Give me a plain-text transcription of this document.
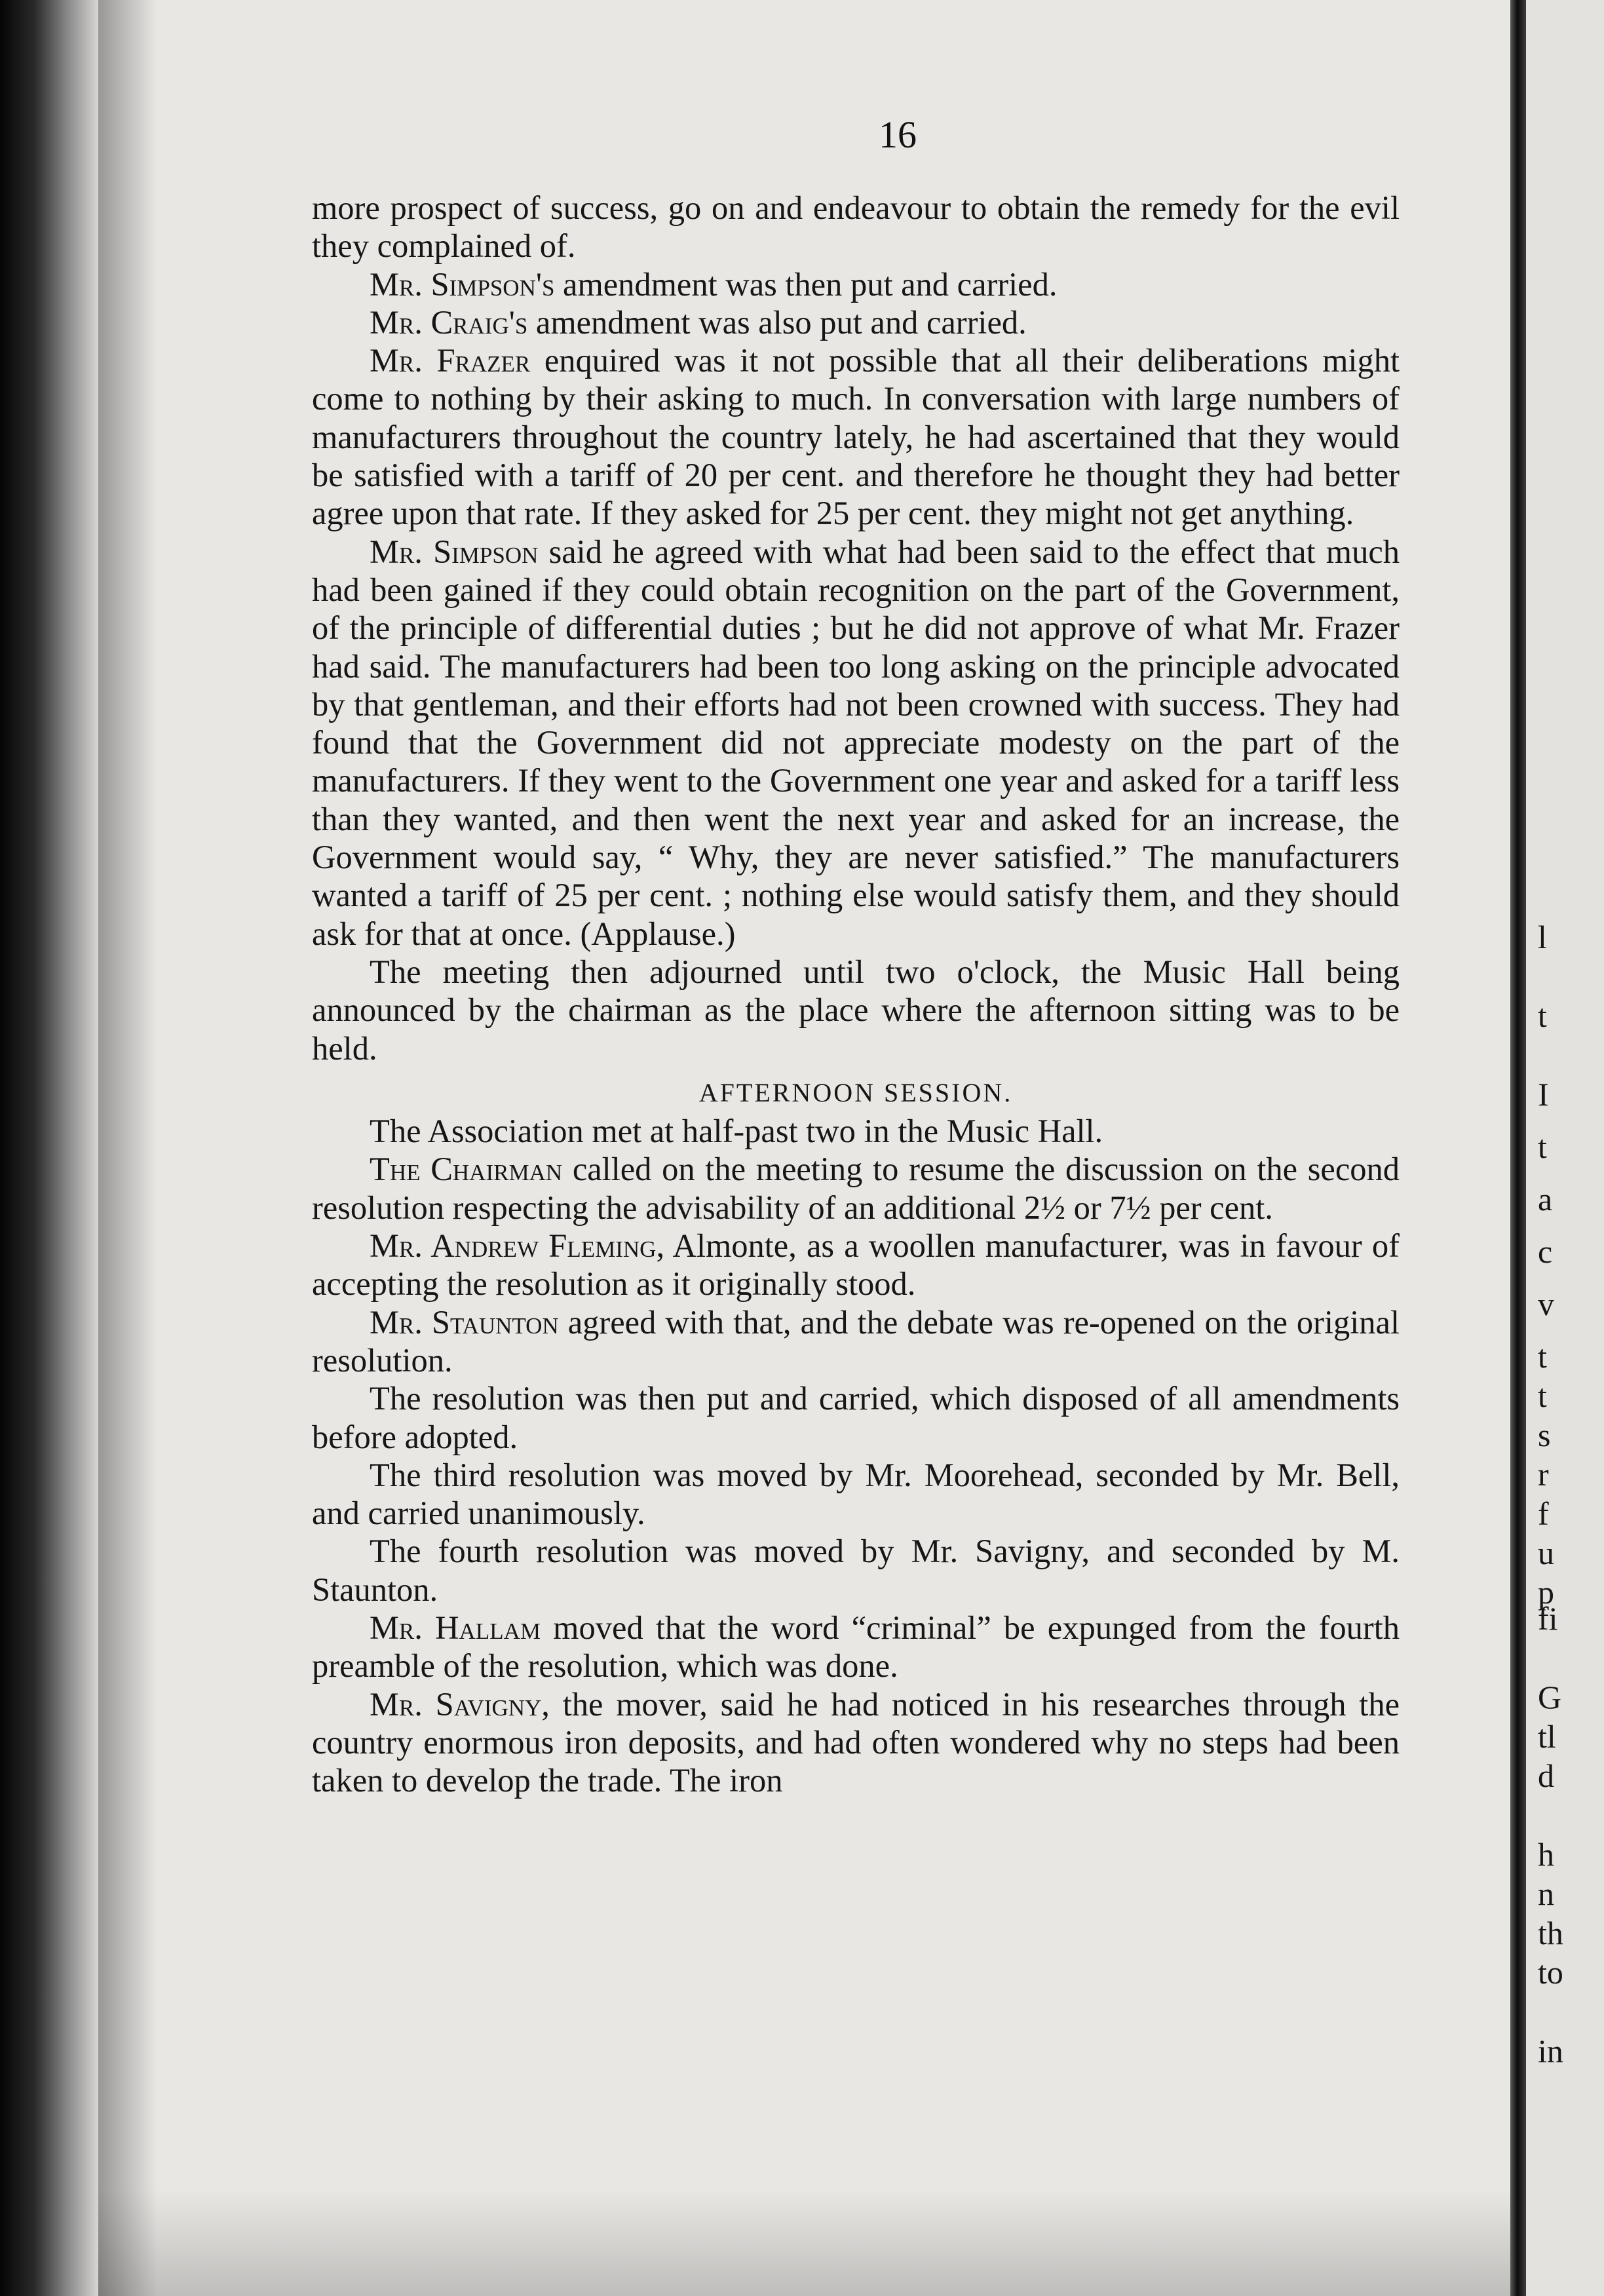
l
t
I
t
a
c
v
t
t
s
r
f
u
p
fi
G
tl
d
h
n
th
to
in
16

more prospect of success, go on and endeavour to obtain the remedy for the evil they complained of.

Mr. Simpson's amendment was then put and carried.

Mr. Craig's amendment was also put and carried.

Mr. Frazer enquired was it not possible that all their deliberations might come to nothing by their asking to much. In conversation with large numbers of manufacturers throughout the country lately, he had ascertained that they would be satisfied with a tariff of 20 per cent. and therefore he thought they had better agree upon that rate. If they asked for 25 per cent. they might not get anything.

Mr. Simpson said he agreed with what had been said to the effect that much had been gained if they could obtain recognition on the part of the Government, of the principle of differential duties ; but he did not approve of what Mr. Frazer had said. The manufacturers had been too long asking on the principle advocated by that gentleman, and their efforts had not been crowned with success. They had found that the Government did not appreciate modesty on the part of the manufacturers. If they went to the Government one year and asked for a tariff less than they wanted, and then went the next year and asked for an increase, the Government would say, “ Why, they are never satisfied.” The manufacturers wanted a tariff of 25 per cent. ; nothing else would satisfy them, and they should ask for that at once. (Applause.)

The meeting then adjourned until two o'clock, the Music Hall being announced by the chairman as the place where the afternoon sitting was to be held.

AFTERNOON SESSION.

The Association met at half-past two in the Music Hall.

The Chairman called on the meeting to resume the discussion on the second resolution respecting the advisability of an additional 2½ or 7½ per cent.

Mr. Andrew Fleming, Almonte, as a woollen manufacturer, was in favour of accepting the resolution as it originally stood.

Mr. Staunton agreed with that, and the debate was re-opened on the original resolution.

The resolution was then put and carried, which disposed of all amendments before adopted.

The third resolution was moved by Mr. Moorehead, seconded by Mr. Bell, and carried unanimously.

The fourth resolution was moved by Mr. Savigny, and seconded by M. Staunton.

Mr. Hallam moved that the word “criminal” be expunged from the fourth preamble of the resolution, which was done.

Mr. Savigny, the mover, said he had noticed in his researches through the country enormous iron deposits, and had often wondered why no steps had been taken to develop the trade. The iron
